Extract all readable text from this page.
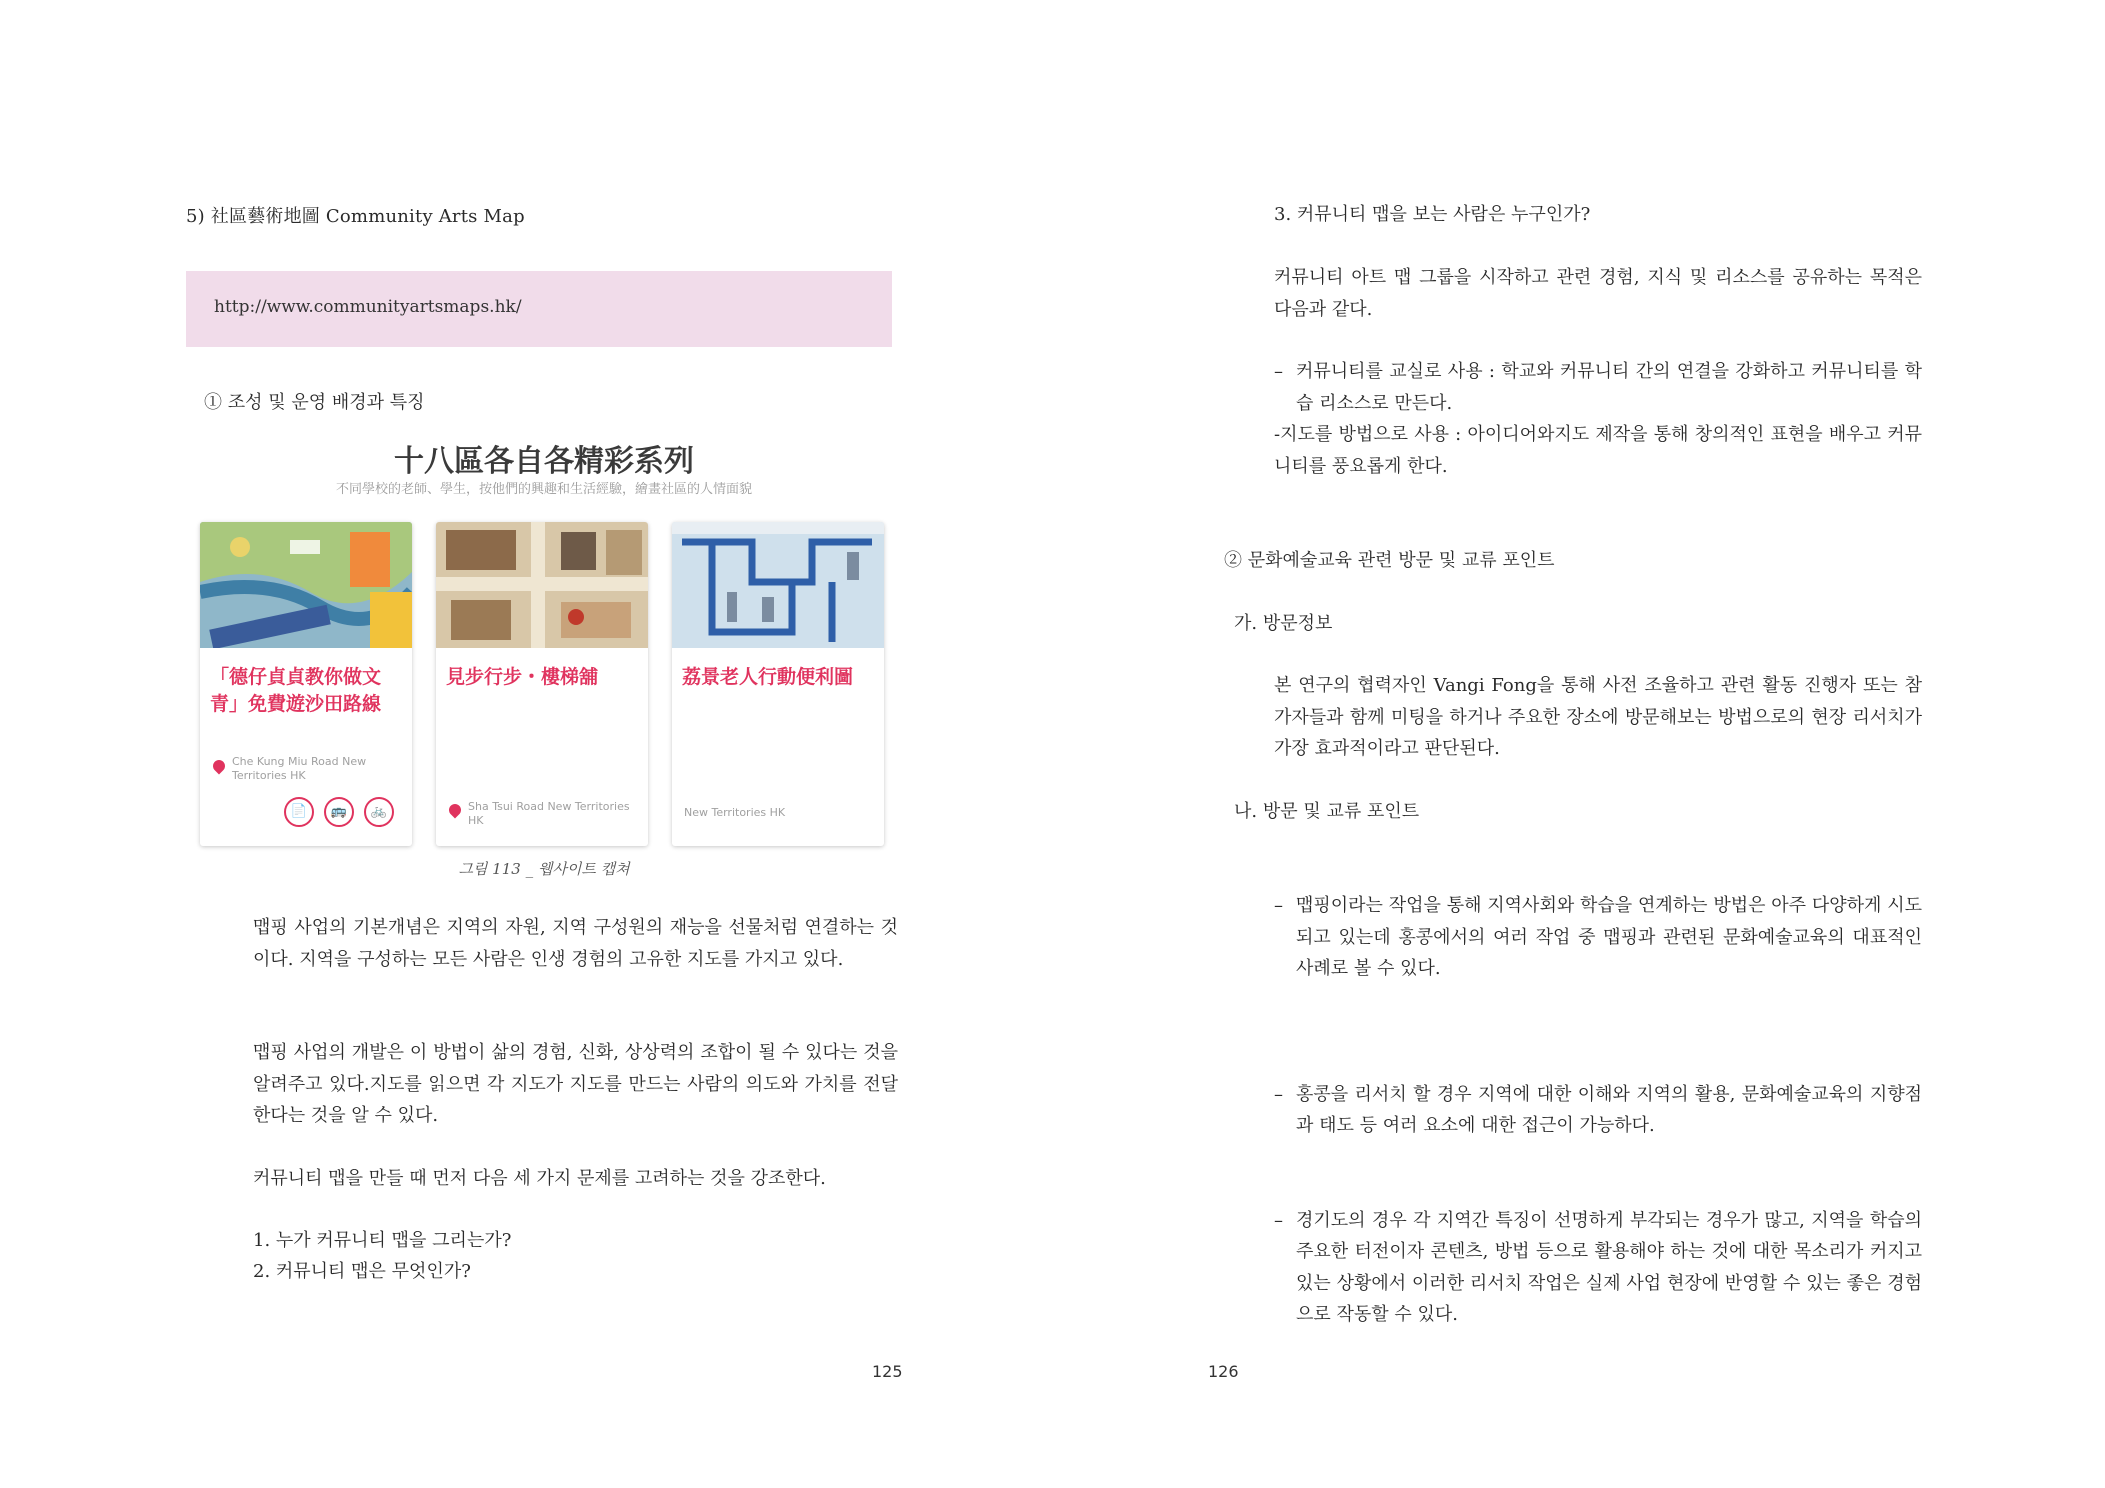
5) 社區藝術地圖 Community Arts Map
http://www.communityartsmaps.hk/
① 조성 및 운영 배경과 특징
十八區各自各精彩系列
不同學校的老師、學生，按他們的興趣和生活經驗，繪畫社區的人情面貌
「德仔貞貞教你做文青」免費遊沙田路線
Che Kung Miu Road New Territories HK
📄	🚌	🚲
見步行步・樓梯舖
Sha Tsui Road New Territories HK
荔景老人行動便利圖
New Territories HK
그림 113 _ 웹사이트 캡쳐
맵핑 사업의 기본개념은 지역의 자원, 지역 구성원의 재능을 선물처럼 연결하는 것이다. 지역을 구성하는 모든 사람은 인생 경험의 고유한 지도를 가지고 있다.
맵핑 사업의 개발은 이 방법이 삶의 경험, 신화, 상상력의 조합이 될 수 있다는 것을 알려주고 있다.지도를 읽으면 각 지도가 지도를 만드는 사람의 의도와 가치를 전달한다는 것을 알 수 있다.
커뮤니티 맵을 만들 때 먼저 다음 세 가지 문제를 고려하는 것을 강조한다.
1. 누가 커뮤니티 맵을 그리는가?
2. 커뮤니티 맵은 무엇인가?
125
3. 커뮤니티 맵을 보는 사람은 누구인가?
커뮤니티 아트 맵 그룹을 시작하고 관련 경험, 지식 및 리소스를 공유하는 목적은 다음과 같다.
– 커뮤니티를 교실로 사용 : 학교와 커뮤니티 간의 연결을 강화하고 커뮤니티를 학습 리소스로 만든다.
-지도를 방법으로 사용 : 아이디어와지도 제작을 통해 창의적인 표현을 배우고 커뮤니티를 풍요롭게 한다.
② 문화예술교육 관련 방문 및 교류 포인트
가. 방문정보
본 연구의 협력자인 Vangi Fong을 통해 사전 조율하고 관련 활동 진행자 또는 참가자들과 함께 미팅을 하거나 주요한 장소에 방문해보는 방법으로의 현장 리서치가 가장 효과적이라고 판단된다.
나. 방문 및 교류 포인트
– 맵핑이라는 작업을 통해 지역사회와 학습을 연계하는 방법은 아주 다양하게 시도되고 있는데 홍콩에서의 여러 작업 중 맵핑과 관련된 문화예술교육의 대표적인 사례로 볼 수 있다.
– 홍콩을 리서치 할 경우 지역에 대한 이해와 지역의 활용, 문화예술교육의 지향점과 태도 등 여러 요소에 대한 접근이 가능하다.
– 경기도의 경우 각 지역간 특징이 선명하게 부각되는 경우가 많고, 지역을 학습의 주요한 터전이자 콘텐츠, 방법 등으로 활용해야 하는 것에 대한 목소리가 커지고 있는 상황에서 이러한 리서치 작업은 실제 사업 현장에 반영할 수 있는 좋은 경험으로 작동할 수 있다.
126
